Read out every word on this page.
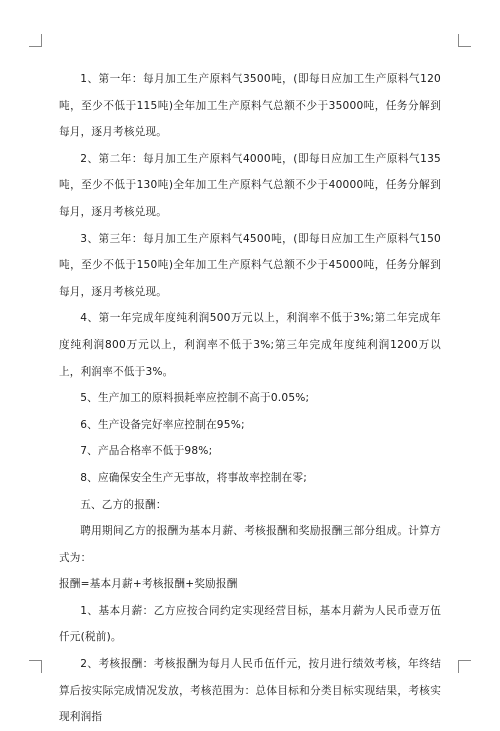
1、第一年：每月加工生产原料气3500吨，(即每日应加工生产原料气120吨，至少不低于115吨)全年加工生产原料气总额不少于35000吨，任务分解到每月，逐月考核兑现。

2、第二年：每月加工生产原料气4000吨，(即每日应加工生产原料气135吨，至少不低于130吨)全年加工生产原料气总额不少于40000吨，任务分解到每月，逐月考核兑现。

3、第三年：每月加工生产原料气4500吨，(即每日应加工生产原料气150吨，至少不低于150吨)全年加工生产原料气总额不少于45000吨，任务分解到每月，逐月考核兑现。

4、第一年完成年度纯利润500万元以上，利润率不低于3%;第二年完成年度纯利润800万元以上，利润率不低于3%;第三年完成年度纯利润1200万以上，利润率不低于3%。

5、生产加工的原料损耗率应控制不高于0.05%;

6、生产设备完好率应控制在95%;

7、产品合格率不低于98%;

8、应确保安全生产无事故，将事故率控制在零;

五、乙方的报酬：

聘用期间乙方的报酬为基本月薪、考核报酬和奖励报酬三部分组成。计算方式为：

报酬=基本月薪+考核报酬+奖励报酬

1、基本月薪：乙方应按合同约定实现经营目标，基本月薪为人民币壹万伍仟元(税前)。

2、考核报酬：考核报酬为每月人民币伍仟元，按月进行绩效考核，年终结算后按实际完成情况发放，考核范围为：总体目标和分类目标实现结果，考核实现利润指
